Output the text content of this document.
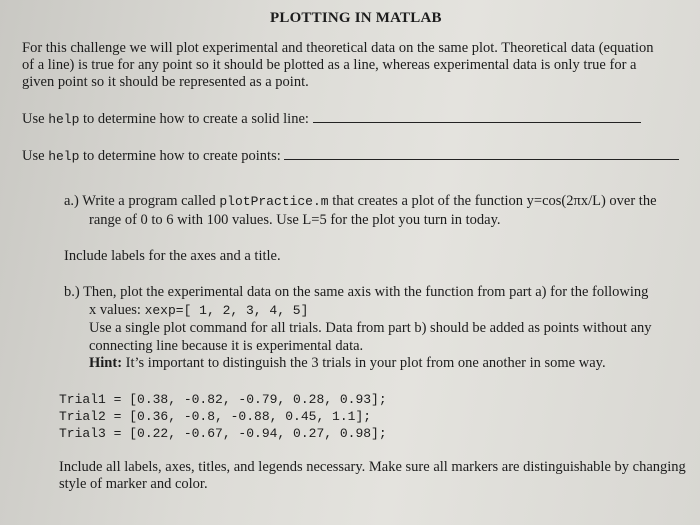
PLOTTING IN MATLAB
For this challenge we will plot experimental and theoretical data on the same plot. Theoretical data (equation
of a line) is true for any point so it should be plotted as a line, whereas experimental data is only true for a
given point so it should be represented as a point.
Use help to determine how to create a solid line:
Use help to determine how to create points:
a.) Write a program called plotPractice.m that creates a plot of the function y=cos(2πx/L) over the
range of 0 to 6 with 100 values. Use L=5 for the plot you turn in today.
Include labels for the axes and a title.
b.) Then, plot the experimental data on the same axis with the function from part a) for the following
x values: xexp=[ 1, 2, 3, 4, 5]
Use a single plot command for all trials. Data from part b) should be added as points without any
connecting line because it is experimental data.
Hint: It’s important to distinguish the 3 trials in your plot from one another in some way.
Trial1 = [0.38, -0.82, -0.79, 0.28, 0.93];
Trial2 = [0.36, -0.8, -0.88, 0.45, 1.1];
Trial3 = [0.22, -0.67, -0.94, 0.27, 0.98];
Include all labels, axes, titles, and legends necessary. Make sure all markers are distinguishable by changing
style of marker and color.
